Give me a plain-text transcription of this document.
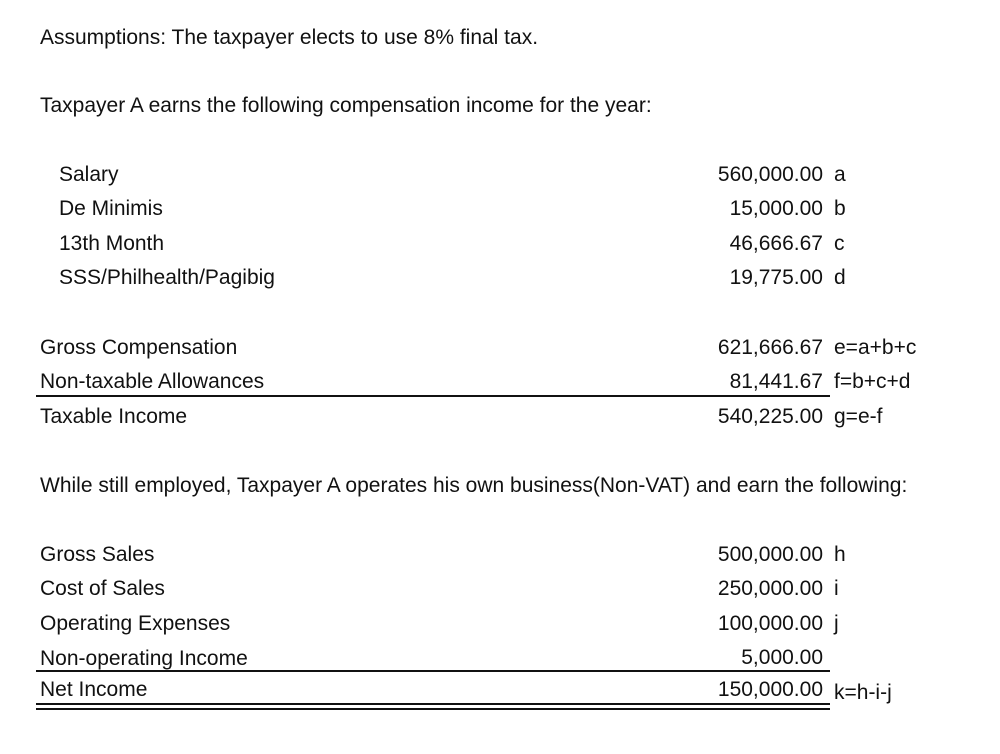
Assumptions: The taxpayer elects to use 8% final tax.
Taxpayer A earns the following compensation income for the year:
Salary	560,000.00 a
De Minimis	15,000.00 b
13th Month	46,666.67 c
SSS/Philhealth/Pagibig	19,775.00 d
Gross Compensation	621,666.67 e=a+b+c
Non-taxable Allowances	81,441.67 f=b+c+d
Taxable Income	540,225.00 g=e-f
While still employed, Taxpayer A operates his own business(Non-VAT) and earn the following:
Gross Sales	500,000.00 h
Cost of Sales	250,000.00 i
Operating Expenses	100,000.00 j
Non-operating Income	5,000.00
Net Income	150,000.00 k=h-i-j
